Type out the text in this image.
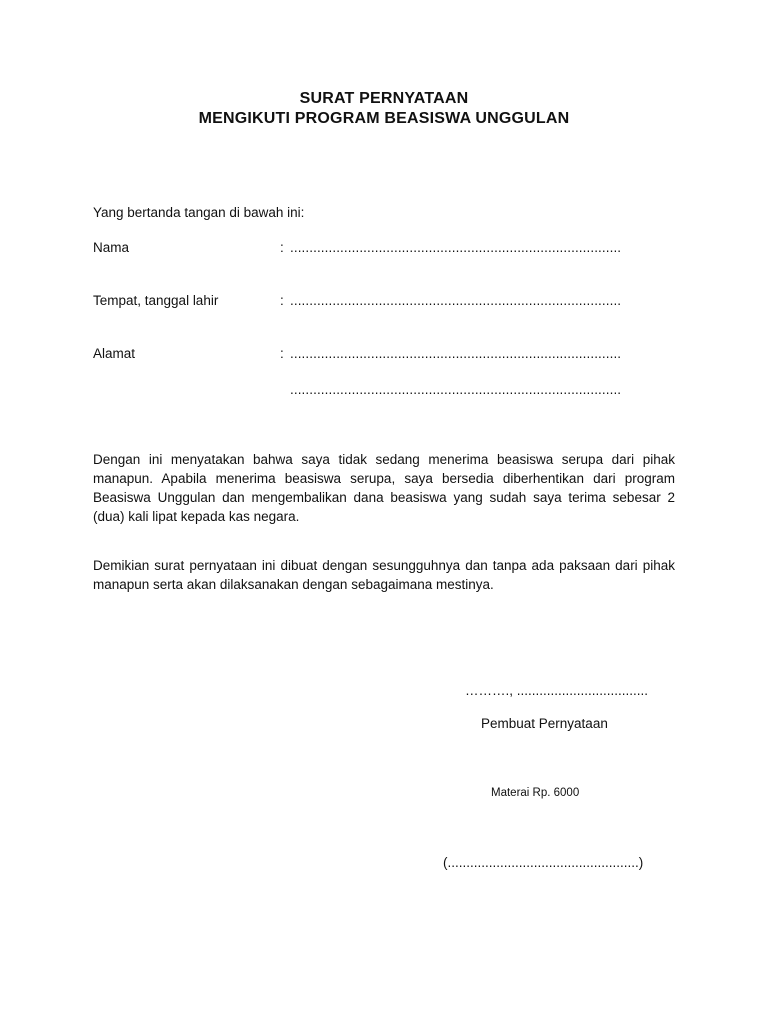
SURAT PERNYATAAN
MENGIKUTI PROGRAM BEASISWA UNGGULAN
Yang bertanda tangan di bawah ini:
Nama	: ......................................................................................
Tempat, tanggal lahir	: ......................................................................................
Alamat	: ......................................................................................
......................................................................................
Dengan ini menyatakan bahwa saya tidak sedang menerima beasiswa serupa dari pihak manapun. Apabila menerima beasiswa serupa, saya bersedia diberhentikan dari program Beasiswa Unggulan dan mengembalikan dana beasiswa yang sudah saya terima sebesar 2 (dua) kali lipat kepada kas negara.
Demikian surat pernyataan ini dibuat dengan sesungguhnya dan tanpa ada paksaan dari pihak manapun serta akan dilaksanakan dengan sebagaimana mestinya.
………., ...................................
Pembuat Pernyataan
Materai Rp. 6000
(...................................................)
